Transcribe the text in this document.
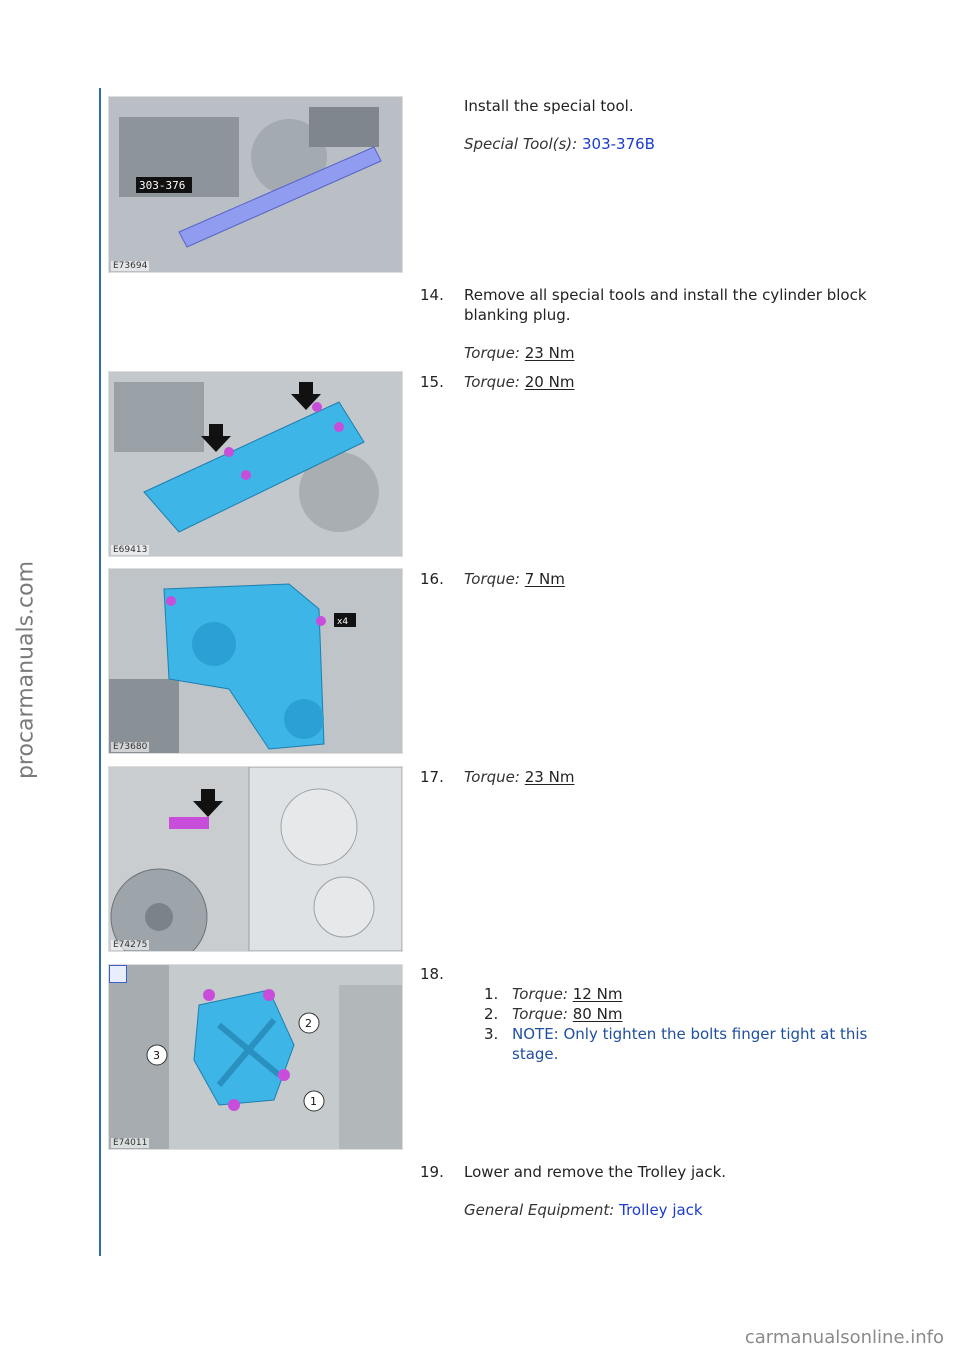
procarmanuals.com
303-376
E73694
E69413
x4
E73680
E74275
2
3
1
E74011

Install the special tool.

Special Tool(s): 303-376B

14.	Remove all special tools and install the cylinder block blanking plug.

Torque: 23 Nm

15.	Torque: 20 Nm
16.	Torque: 7 Nm
17.	Torque: 23 Nm
18.
1. Torque: 12 Nm
2. Torque: 80 Nm
3. NOTE: Only tighten the bolts finger tight at this stage.
19.	Lower and remove the Trolley jack.

General Equipment: Trolley jack

carmanualsonline.info
